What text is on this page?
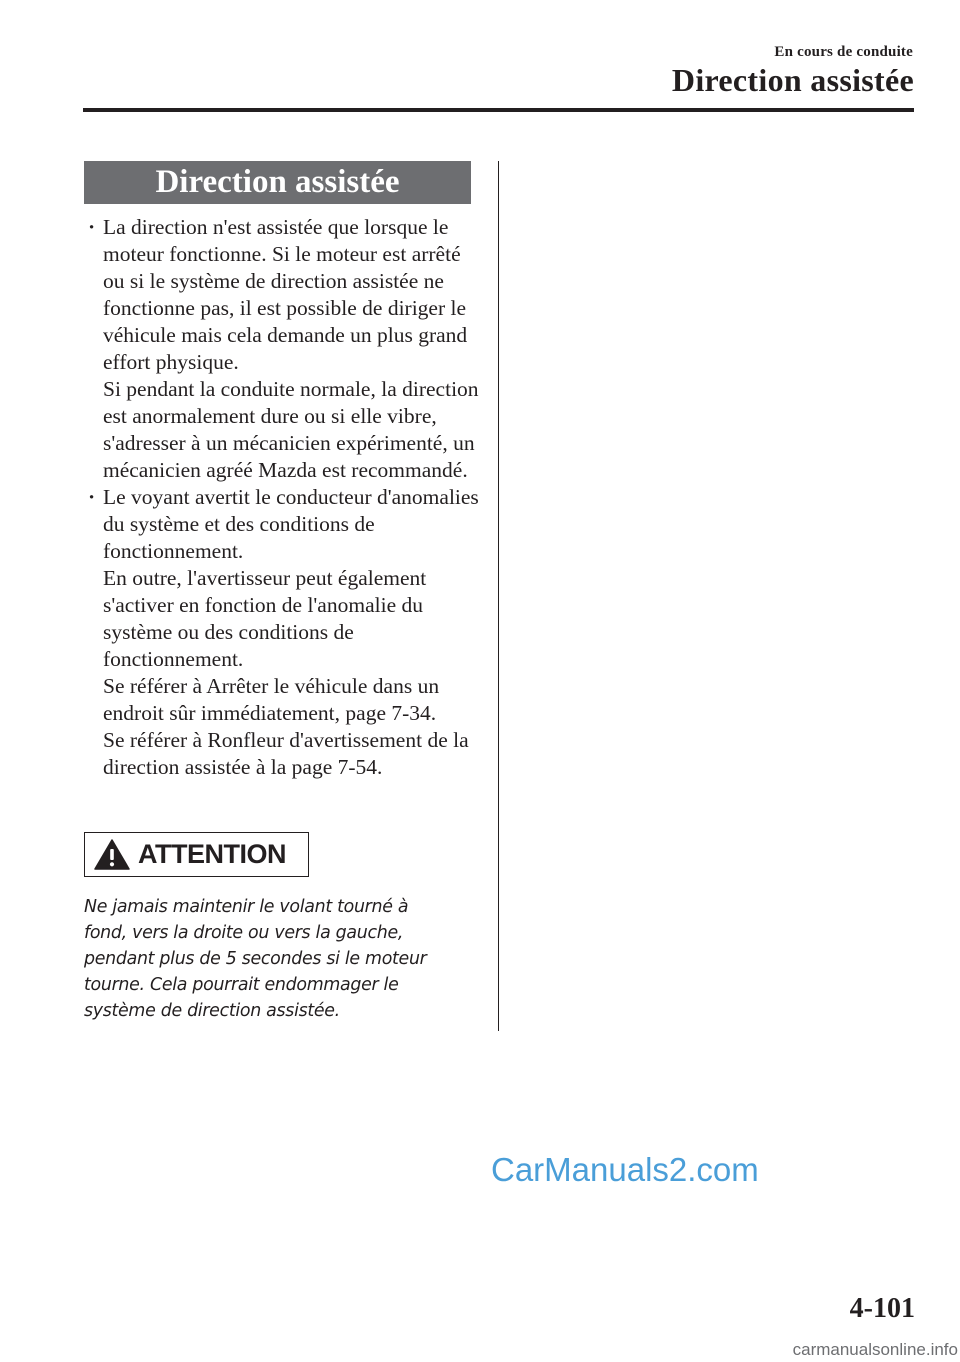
En cours de conduite
Direction assistée
Direction assistée
· La direction n'est assistée que lorsque le moteur fonctionne. Si le moteur est arrêté ou si le système de direction assistée ne fonctionne pas, il est possible de diriger le véhicule mais cela demande un plus grand effort physique.

Si pendant la conduite normale, la direction est anormalement dure ou si elle vibre, s'adresser à un mécanicien expérimenté, un mécanicien agréé Mazda est recommandé.

· Le voyant avertit le conducteur d'anomalies du système et des conditions de fonctionnement.

En outre, l'avertisseur peut également s'activer en fonction de l'anomalie du système ou des conditions de fonctionnement.

Se référer à Arrêter le véhicule dans un endroit sûr immédiatement, page 7-34.

Se référer à Ronfleur d'avertissement de la direction assistée à la page 7-54.

ATTENTION
Ne jamais maintenir le volant tourné à fond, vers la droite ou vers la gauche, pendant plus de 5 secondes si le moteur tourne. Cela pourrait endommager le système de direction assistée.
CarManuals2.com
4-101
carmanualsonline.info
